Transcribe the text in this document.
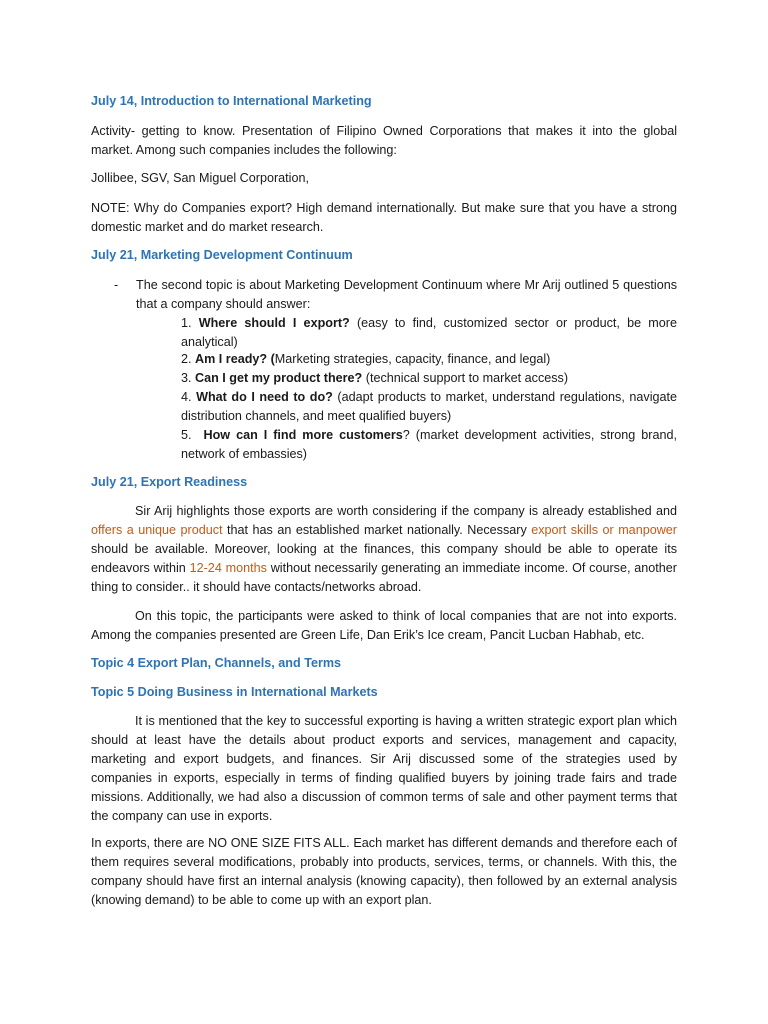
July 14, Introduction to International Marketing

Activity- getting to know. Presentation of Filipino Owned Corporations that makes it into the global market. Among such companies includes the following:

Jollibee, SGV, San Miguel Corporation,

NOTE: Why do Companies export? High demand internationally. But make sure that you have a strong domestic market and do market research.

July 21, Marketing Development Continuum

- The second topic is about Marketing Development Continuum where Mr Arij outlined 5 questions that a company should answer:

1. Where should I export? (easy to find, customized sector or product, be more analytical)

2. Am I ready? (Marketing strategies, capacity, finance, and legal)

3. Can I get my product there? (technical support to market access)

4. What do I need to do? (adapt products to market, understand regulations, navigate distribution channels, and meet qualified buyers)

5. How can I find more customers? (market development activities, strong brand, network of embassies)

July 21, Export Readiness

Sir Arij highlights those exports are worth considering if the company is already established and offers a unique product that has an established market nationally. Necessary export skills or manpower should be available. Moreover, looking at the finances, this company should be able to operate its endeavors within 12-24 months without necessarily generating an immediate income. Of course, another thing to consider.. it should have contacts/networks abroad.

On this topic, the participants were asked to think of local companies that are not into exports. Among the companies presented are Green Life, Dan Erik’s Ice cream, Pancit Lucban Habhab, etc.

Topic 4 Export Plan, Channels, and Terms

Topic 5 Doing Business in International Markets

It is mentioned that the key to successful exporting is having a written strategic export plan which should at least have the details about product exports and services, management and capacity, marketing and export budgets, and finances. Sir Arij discussed some of the strategies used by companies in exports, especially in terms of finding qualified buyers by joining trade fairs and trade missions. Additionally, we had also a discussion of common terms of sale and other payment terms that the company can use in exports.

In exports, there are NO ONE SIZE FITS ALL. Each market has different demands and therefore each of them requires several modifications, probably into products, services, terms, or channels. With this, the company should have first an internal analysis (knowing capacity), then followed by an external analysis (knowing demand) to be able to come up with an export plan.
